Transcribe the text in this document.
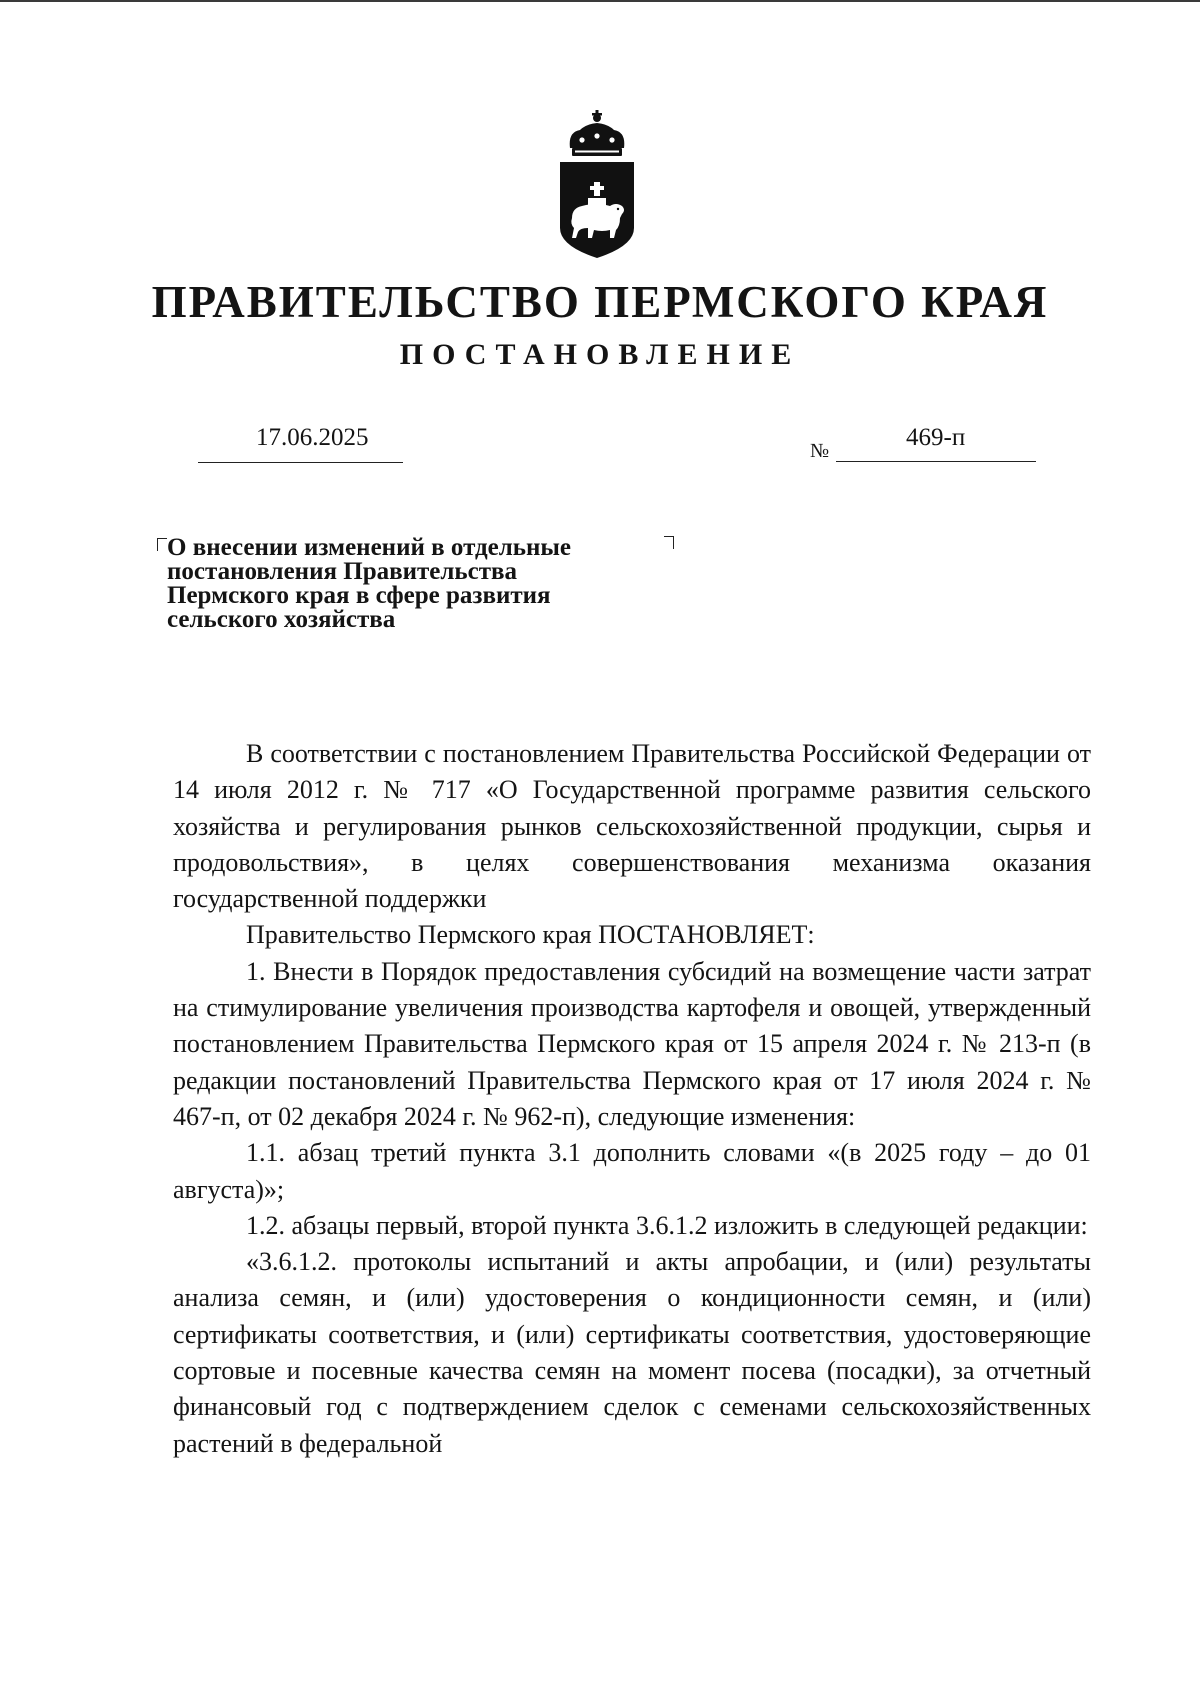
ПРАВИТЕЛЬСТВО ПЕРМСКОГО КРАЯ
ПОСТАНОВЛЕНИЕ
17.06.2025	№	469-п
О внесении изменений в отдельные
постановления Правительства
Пермского края в сфере развития
сельского хозяйства

В соответствии с постановлением Правительства Российской Федерации от 14 июля 2012 г. № 717 «О Государственной программе развития сельского хозяйства и регулирования рынков сельскохозяйственной продукции, сырья и продовольствия», в целях совершенствования механизма оказания государственной поддержки

Правительство Пермского края ПОСТАНОВЛЯЕТ:

1. Внести в Порядок предоставления субсидий на возмещение части затрат на стимулирование увеличения производства картофеля и овощей, утвержденный постановлением Правительства Пермского края от 15 апреля 2024 г. № 213-п (в редакции постановлений Правительства Пермского края от 17 июля 2024 г. № 467-п, от 02 декабря 2024 г. № 962-п), следующие изменения:

1.1. абзац третий пункта 3.1 дополнить словами «(в 2025 году – до 01 августа)»;

1.2. абзацы первый, второй пункта 3.6.1.2 изложить в следующей редакции:

«3.6.1.2. протоколы испытаний и акты апробации, и (или) результаты анализа семян, и (или) удостоверения о кондиционности семян, и (или) сертификаты соответствия, и (или) сертификаты соответствия, удостоверяющие сортовые и посевные качества семян на момент посева (посадки), за отчетный финансовый год с подтверждением сделок с семенами сельскохозяйственных растений в федеральной
